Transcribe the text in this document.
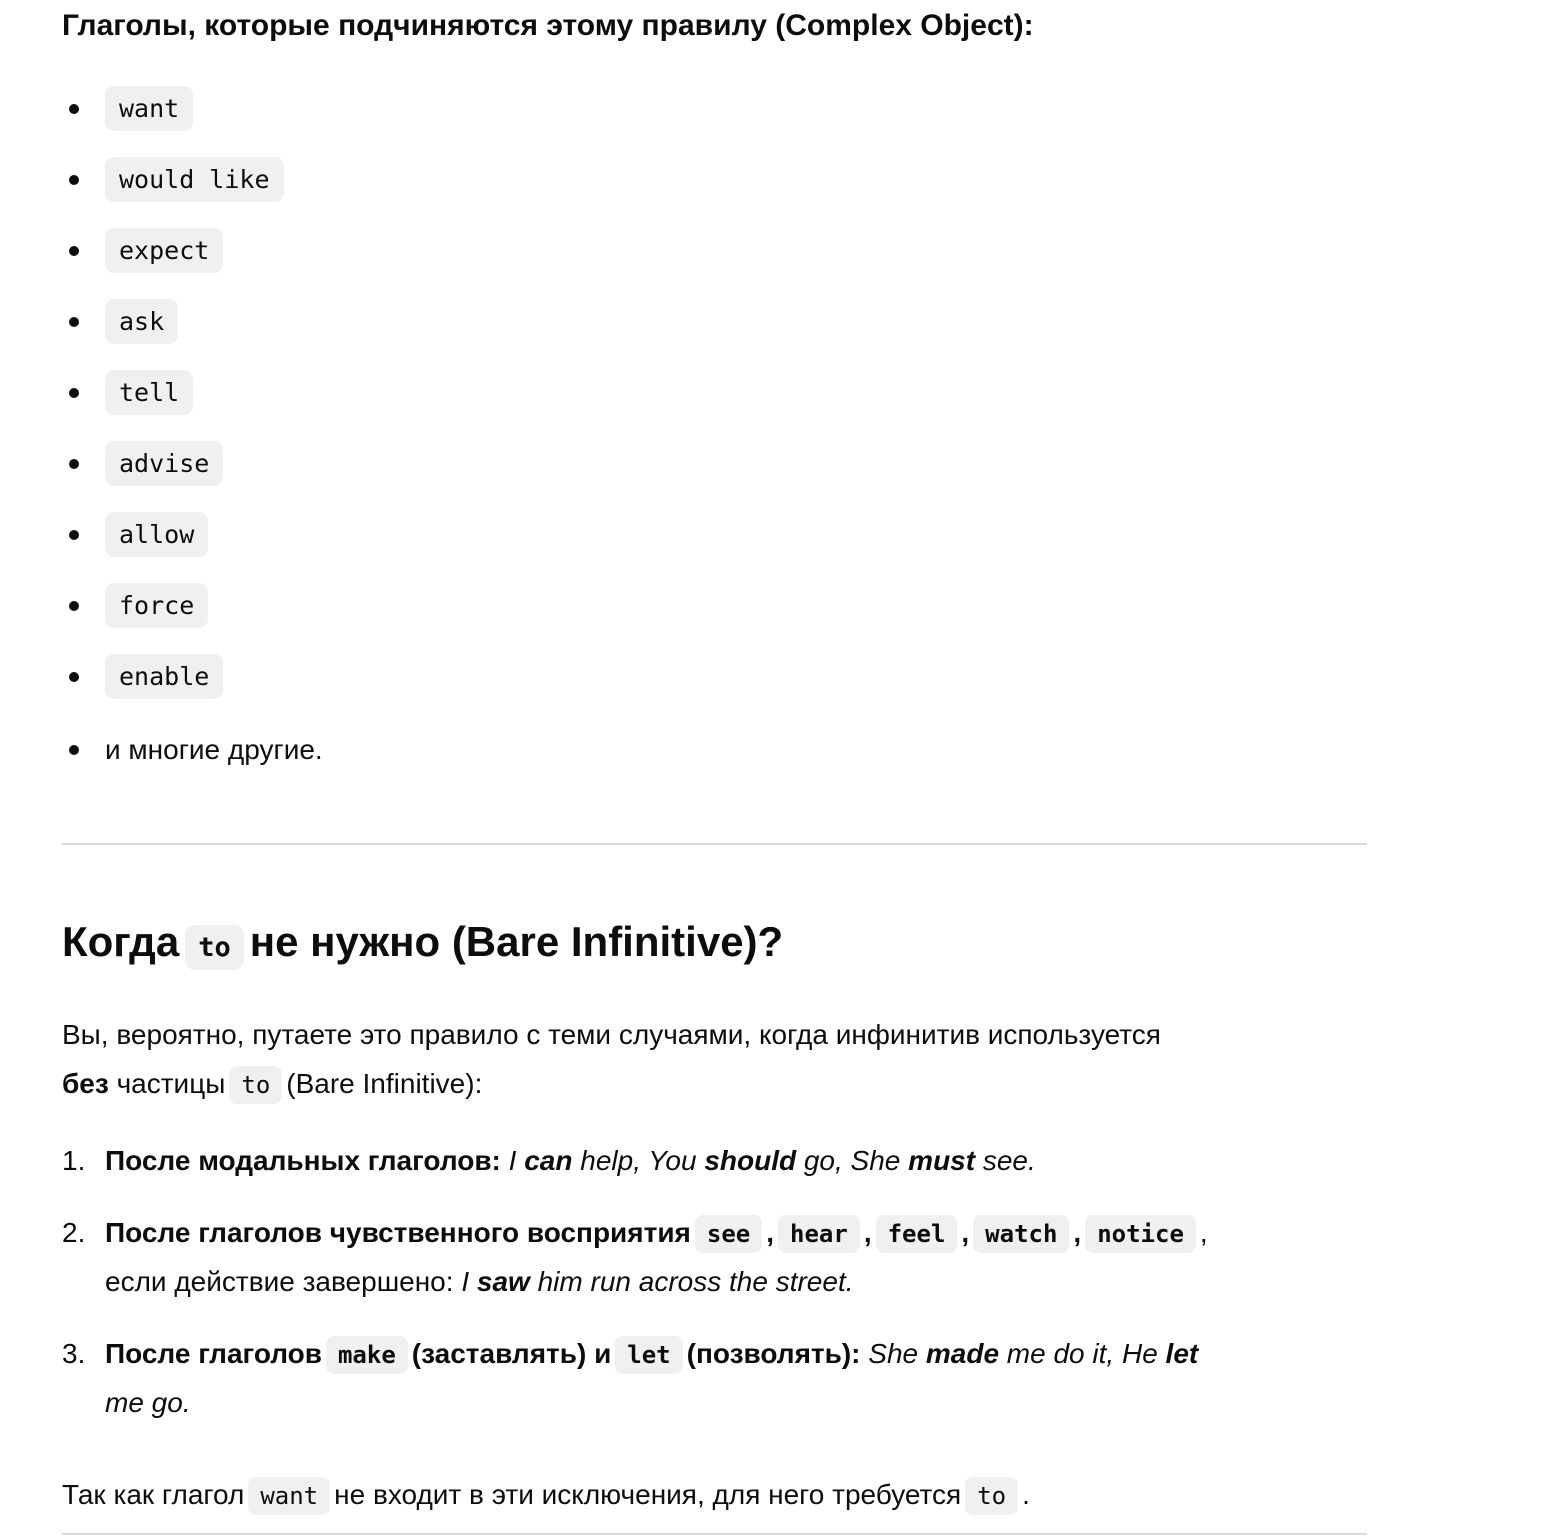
Глаголы, которые подчиняются этому правилу (Complex Object):
want
would like
expect
ask
tell
advise
allow
force
enable
и многие другие.
Когда to не нужно (Bare Infinitive)?

Вы, вероятно, путаете это правило с теми случаями, когда инфинитив используется
без частицы to (Bare Infinitive):

1. После модальных глаголов: I can help, You should go, She must see.
2. После глаголов чувственного восприятия see , hear , feel , watch , notice ,
если действие завершено: I saw him run across the street.
3. После глаголов make (заставлять) и let (позволять): She made me do it, He let
me go.

Так как глагол want не входит в эти исключения, для него требуется to .
